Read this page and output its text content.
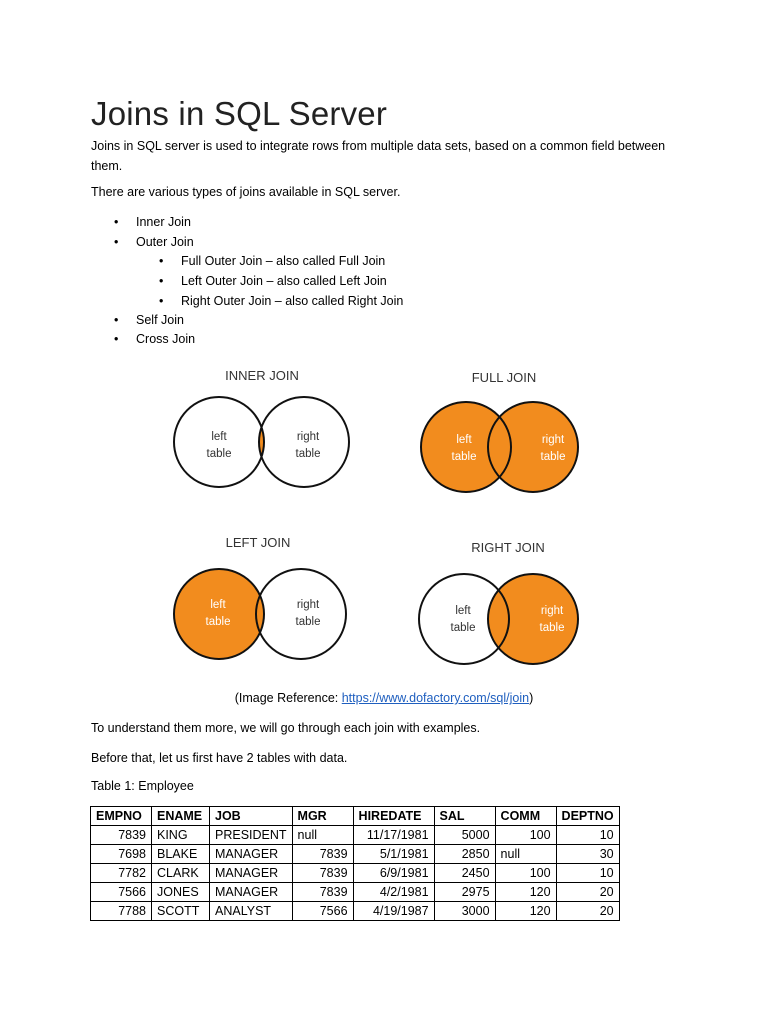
Joins in SQL Server

Joins in SQL server is used to integrate rows from multiple data sets, based on a common field between them.

There are various types of joins available in SQL server.

• Inner Join
• Outer Join
• Full Outer Join – also called Full Join
• Left Outer Join – also called Left Join
• Right Outer Join – also called Right Join
• Self Join
• Cross Join
INNER JOIN
left
table
right
table
FULL JOIN
left
table
right
table
LEFT JOIN
left
table
right
table
RIGHT JOIN
left
table
right
table

(Image Reference: https://www.dofactory.com/sql/join)

To understand them more, we will go through each join with examples.

Before that, let us first have 2 tables with data.

Table 1: Employee

EMPNO	ENAME	JOB	MGR	HIREDATE	SAL	COMM	DEPTNO
7839	KING	PRESIDENT	null	11/17/1981	5000	100	10
7698	BLAKE	MANAGER	7839	5/1/1981	2850	null	30
7782	CLARK	MANAGER	7839	6/9/1981	2450	100	10
7566	JONES	MANAGER	7839	4/2/1981	2975	120	20
7788	SCOTT	ANALYST	7566	4/19/1987	3000	120	20
